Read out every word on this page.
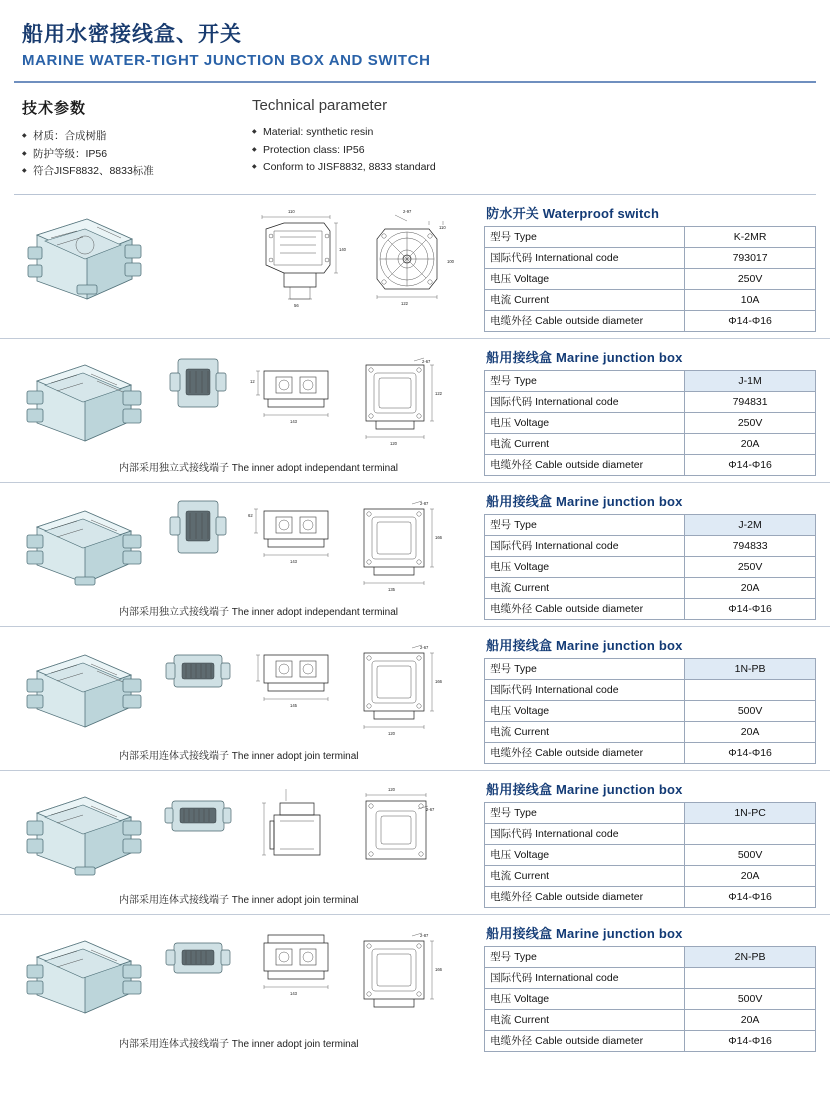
船用水密接线盒、开关
MARINE WATER-TIGHT JUNCTION BOX AND SWITCH
技术参数
◆ 材质：合成树脂
◆ 防护等级：IP56
◆ 符合JISF8832、8833标准
Technical parameter
◆ Material: synthetic resin
◆ Protection class: IP56
◆ Conform to JISF8832, 8833 standard
110
56
140
2-97
110
122
100
防水开关 Waterproof switch
型号 Type	K-2MR
国际代码 International code	793017
电压 Voltage	250V
电流 Current	10A
电缆外径 Cable outside diameter	Φ14-Φ16
12
143
2-67
122
120
内部采用独立式接线端子 The inner adopt independant terminal
船用接线盒 Marine junction box
型号 Type	J-1M
国际代码 International code	794831
电压 Voltage	250V
电流 Current	20A
电缆外径 Cable outside diameter	Φ14-Φ16
62
143
2-87
166
135
内部采用独立式接线端子 The inner adopt independant terminal
船用接线盒 Marine junction box
型号 Type	J-2M
国际代码 International code	794833
电压 Voltage	250V
电流 Current	20A
电缆外径 Cable outside diameter	Φ14-Φ16
145
2-67
166
120
内部采用连体式接线端子 The inner adopt join terminal
船用接线盒 Marine junction box
型号 Type	1N-PB
国际代码 International code	
电压 Voltage	500V
电流 Current	20A
电缆外径 Cable outside diameter	Φ14-Φ16
120
2-67
内部采用连体式接线端子 The inner adopt join terminal
船用接线盒 Marine junction box
型号 Type	1N-PC
国际代码 International code	
电压 Voltage	500V
电流 Current	20A
电缆外径 Cable outside diameter	Φ14-Φ16
143
2-87
166
内部采用连体式接线端子 The inner adopt join terminal
船用接线盒 Marine junction box
型号 Type	2N-PB
国际代码 International code	
电压 Voltage	500V
电流 Current	20A
电缆外径 Cable outside diameter	Φ14-Φ16
